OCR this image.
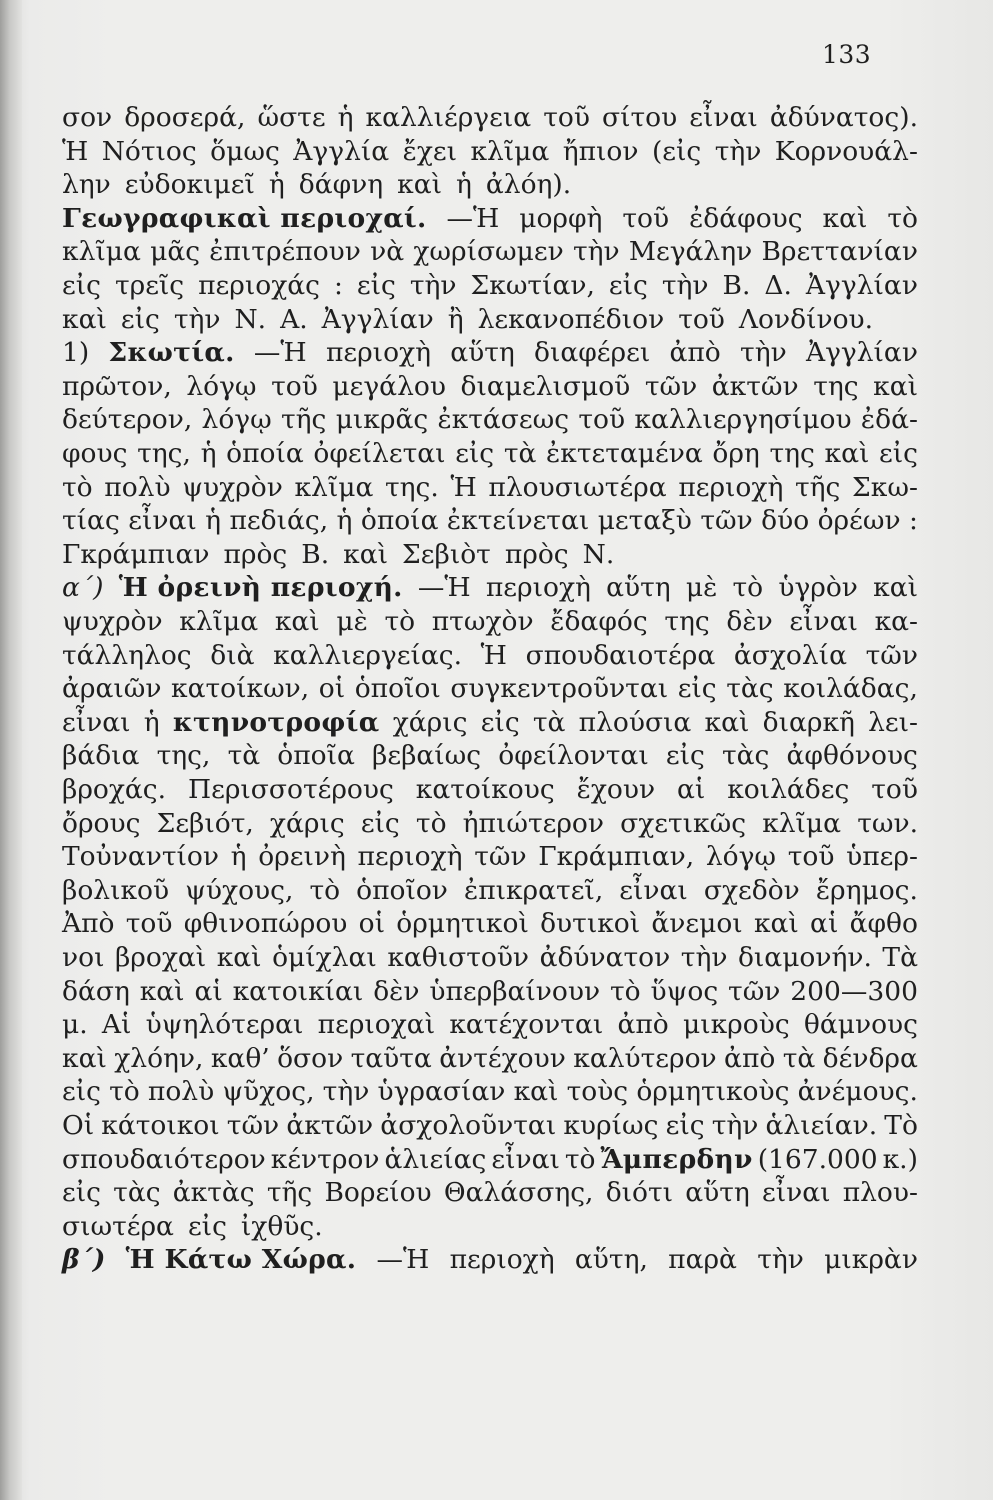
133
σον δροσερά, ὥστε ἡ καλλιέργεια τοῦ σίτου εἶναι ἀδύνατος).
Ἡ Νότιος ὅμως Ἀγγλία ἔχει κλῖμα ἤπιον (εἰς τὴν Κορνουάλ-
λην εὐδοκιμεῖ ἡ δάφνη καὶ ἡ ἀλόη).
Γεωγραφικαὶ περιοχαί. —Ἡ μορφὴ τοῦ ἐδάφους καὶ τὸ
κλῖμα μᾶς ἐπιτρέπουν νὰ χωρίσωμεν τὴν Μεγάλην Βρεττανίαν
εἰς τρεῖς περιοχάς : εἰς τὴν Σκωτίαν, εἰς τὴν Β. Δ. Ἀγγλίαν
καὶ εἰς τὴν Ν. Α. Ἀγγλίαν ἢ λεκανοπέδιον τοῦ Λονδίνου.
1) Σκωτία. —Ἡ περιοχὴ αὕτη διαφέρει ἀπὸ τὴν Ἀγγλίαν
πρῶτον, λόγῳ τοῦ μεγάλου διαμελισμοῦ τῶν ἀκτῶν της καὶ
δεύτερον, λόγῳ τῆς μικρᾶς ἐκτάσεως τοῦ καλλιεργησίμου ἐδά-
φους της, ἡ ὁποία ὀφείλεται εἰς τὰ ἐκτεταμένα ὄρη της καὶ εἰς
τὸ πολὺ ψυχρὸν κλῖμα της. Ἡ πλουσιωτέρα περιοχὴ τῆς Σκω-
τίας εἶναι ἡ πεδιάς, ἡ ὁποία ἐκτείνεται μεταξὺ τῶν δύο ὀρέων :
Γκράμπιαν πρὸς Β. καὶ Σεβιὸτ πρὸς Ν.
α΄) Ἡ ὀρεινὴ περιοχή. —Ἡ περιοχὴ αὕτη μὲ τὸ ὑγρὸν καὶ
ψυχρὸν κλῖμα καὶ μὲ τὸ πτωχὸν ἔδαφός της δὲν εἶναι κα-
τάλληλος διὰ καλλιεργείας. Ἡ σπουδαιοτέρα ἀσχολία τῶν
ἀραιῶν κατοίκων, οἱ ὁποῖοι συγκεντροῦνται εἰς τὰς κοιλάδας,
εἶναι ἡ κτηνοτροφία χάρις εἰς τὰ πλούσια καὶ διαρκῆ λει-
βάδια της, τὰ ὁποῖα βεβαίως ὀφείλονται εἰς τὰς ἀφθόνους
βροχάς. Περισσοτέρους κατοίκους ἔχουν αἱ κοιλάδες τοῦ
ὄρους Σεβιότ, χάρις εἰς τὸ ἠπιώτερον σχετικῶς κλῖμα των.
Τοὐναντίον ἡ ὀρεινὴ περιοχὴ τῶν Γκράμπιαν, λόγῳ τοῦ ὑπερ-
βολικοῦ ψύχους, τὸ ὁποῖον ἐπικρατεῖ, εἶναι σχεδὸν ἔρημος.
Ἀπὸ τοῦ φθινοπώρου οἱ ὁρμητικοὶ δυτικοὶ ἄνεμοι καὶ αἱ ἄφθο
νοι βροχαὶ καὶ ὁμίχλαι καθιστοῦν ἀδύνατον τὴν διαμονήν. Τὰ
δάση καὶ αἱ κατοικίαι δὲν ὑπερβαίνουν τὸ ὕψος τῶν 200—300
μ. Αἱ ὑψηλότεραι περιοχαὶ κατέχονται ἀπὸ μικροὺς θάμνους
καὶ χλόην, καθ’ ὅσον ταῦτα ἀντέχουν καλύτερον ἀπὸ τὰ δένδρα
εἰς τὸ πολὺ ψῦχος, τὴν ὑγρασίαν καὶ τοὺς ὁρμητικοὺς ἀνέμους.
Οἱ κάτοικοι τῶν ἀκτῶν ἀσχολοῦνται κυρίως εἰς τὴν ἁλιείαν. Τὸ
σπουδαιότερον κέντρον ἁλιείας εἶναι τὸ Ἄμπερδην (167.000 κ.)
εἰς τὰς ἀκτὰς τῆς Βορείου Θαλάσσης, διότι αὕτη εἶναι πλου-
σιωτέρα εἰς ἰχθῦς.
β΄) Ἡ Κάτω Χώρα. —Ἡ περιοχὴ αὕτη, παρὰ τὴν μικρὰν
